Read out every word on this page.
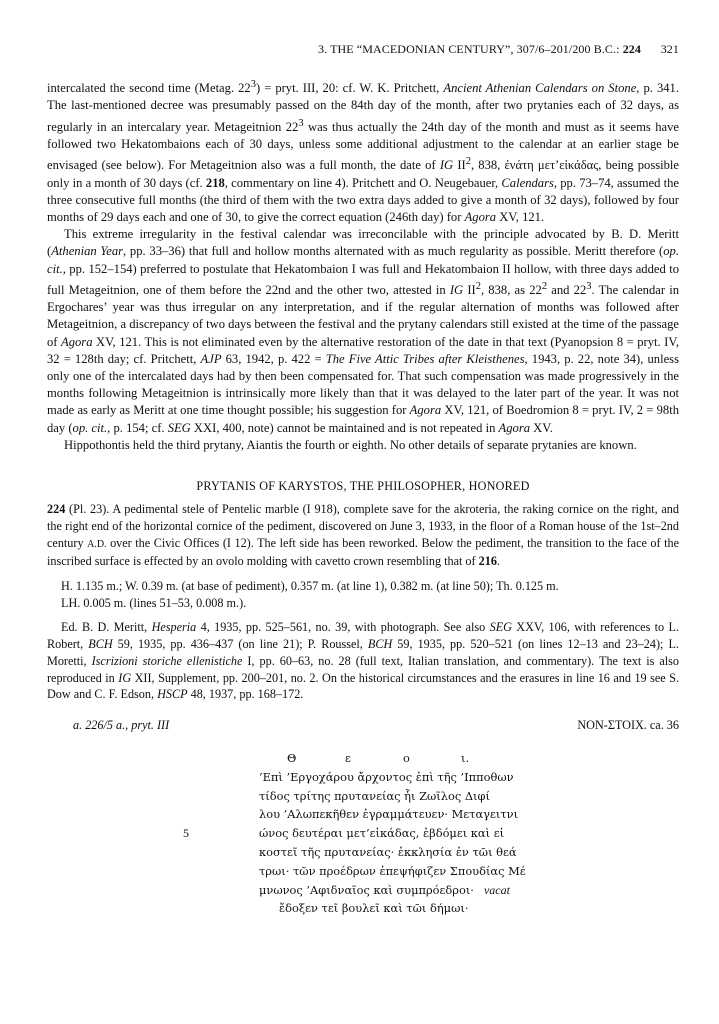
3. THE “MACEDONIAN CENTURY”, 307/6–201/200 B.C.: 224 321

intercalated the second time (Metag. $22^3$) = pryt. III, 20: cf. W. K. Pritchett, Ancient Athenian Calendars on Stone, p. 341. The last-mentioned decree was presumably passed on the 84th day of the month, after two prytanies each of 32 days, as regularly in an intercalary year. Metageitnion $22^3$ was thus actually the 24th day of the month and must as it seems have followed two Hekatombaions each of 30 days, unless some additional adjustment to the calendar at an earlier stage be envisaged (see below). For Metageitnion also was a full month, the date of IG $II^2$, 838, ἐνάτη μετ’εἰκάδας, being possible only in a month of 30 days (cf. 218, commentary on line 4). Pritchett and O. Neugebauer, Calendars, pp. 73–74, assumed the three consecutive full months (the third of them with the two extra days added to give a month of 32 days), followed by four months of 29 days each and one of 30, to give the correct equation (246th day) for Agora XV, 121.

This extreme irregularity in the festival calendar was irreconcilable with the principle advocated by B. D. Meritt (Athenian Year, pp. 33–36) that full and hollow months alternated with as much regularity as possible. Meritt therefore (op. cit., pp. 152–154) preferred to postulate that Hekatombaion I was full and Hekatombaion II hollow, with three days added to full Metageitnion, one of them before the 22nd and the other two, attested in IG $II^2$, 838, as $22^2$ and $22^3$. The calendar in Ergochares’ year was thus irregular on any interpretation, and if the regular alternation of months was followed after Metageitnion, a discrepancy of two days between the festival and the prytany calendars still existed at the time of the passage of Agora XV, 121. This is not eliminated even by the alternative restoration of the date in that text (Pyanopsion 8 = pryt. IV, 32 = 128th day; cf. Pritchett, AJP 63, 1942, p. 422 = The Five Attic Tribes after Kleisthenes, 1943, p. 22, note 34), unless only one of the intercalated days had by then been compensated for. That such compensation was made progressively in the months following Metageitnion is intrinsically more likely than that it was delayed to the later part of the year. It was not made as early as Meritt at one time thought possible; his suggestion for Agora XV, 121, of Boedromion 8 = pryt. IV, 2 = 98th day (op. cit., p. 154; cf. SEG XXI, 400, note) cannot be maintained and is not repeated in Agora XV.

Hippothontis held the third prytany, Aiantis the fourth or eighth. No other details of separate prytanies are known.

PRYTANIS OF KARYSTOS, THE PHILOSOPHER, HONORED

224 (Pl. 23). A pedimental stele of Pentelic marble (I 918), complete save for the akroteria, the raking cornice on the right, and the right end of the horizontal cornice of the pediment, discovered on June 3, 1933, in the floor of a Roman house of the 1st–2nd century A.D. over the Civic Offices (I 12). The left side has been reworked. Below the pediment, the transition to the face of the inscribed surface is effected by an ovolo molding with cavetto crown resembling that of 216.

H. 1.135 m.; W. 0.39 m. (at base of pediment), 0.357 m. (at line 1), 0.382 m. (at line 50); Th. 0.125 m.

LH. 0.005 m. (lines 51–53, 0.008 m.).

Ed. B. D. Meritt, Hesperia 4, 1935, pp. 525–561, no. 39, with photograph. See also SEG XXV, 106, with references to L. Robert, BCH 59, 1935, pp. 436–437 (on line 21); P. Roussel, BCH 59, 1935, pp. 520–521 (on lines 12–13 and 23–24); L. Moretti, Iscrizioni storiche ellenistiche I, pp. 60–63, no. 28 (full text, Italian translation, and commentary). The text is also reproduced in IG XII, Supplement, pp. 200–201, no. 2. On the historical circumstances and the erasures in line 16 and 19 see S. Dow and C. F. Edson, HSCP 48, 1937, pp. 168–172.

a. 226/5 a., pryt. III	NON-ΣΤΟΙΧ. ca. 36
Θ	ε	ο	ι.
’Επὶ ’Εργοχάρου ἄρχοντος ἐπὶ τῆς ’Ιπποθων
τίδος τρίτης πρυτανείας ἧι Ζωῖλος Διφί
λου ’Αλωπεκῆθεν ἐγραμμάτευεν· Μεταγειτνι
5	ώνος δευτέραι μετ’εἰκάδας, ἑβδόμει καὶ εἰ
κοστεῖ τῆς πρυτανείας· ἐκκλησία ἐν τῶι θεά
τρωι· τῶν προέδρων ἐπεψήφιζεν Σπουδίας Μέ
μνωνος ’Αφιδναῖος καὶ συμπρόεδροι· vacat
ἔδοξεν τεῖ βουλεῖ καὶ τῶι δήμωι·
